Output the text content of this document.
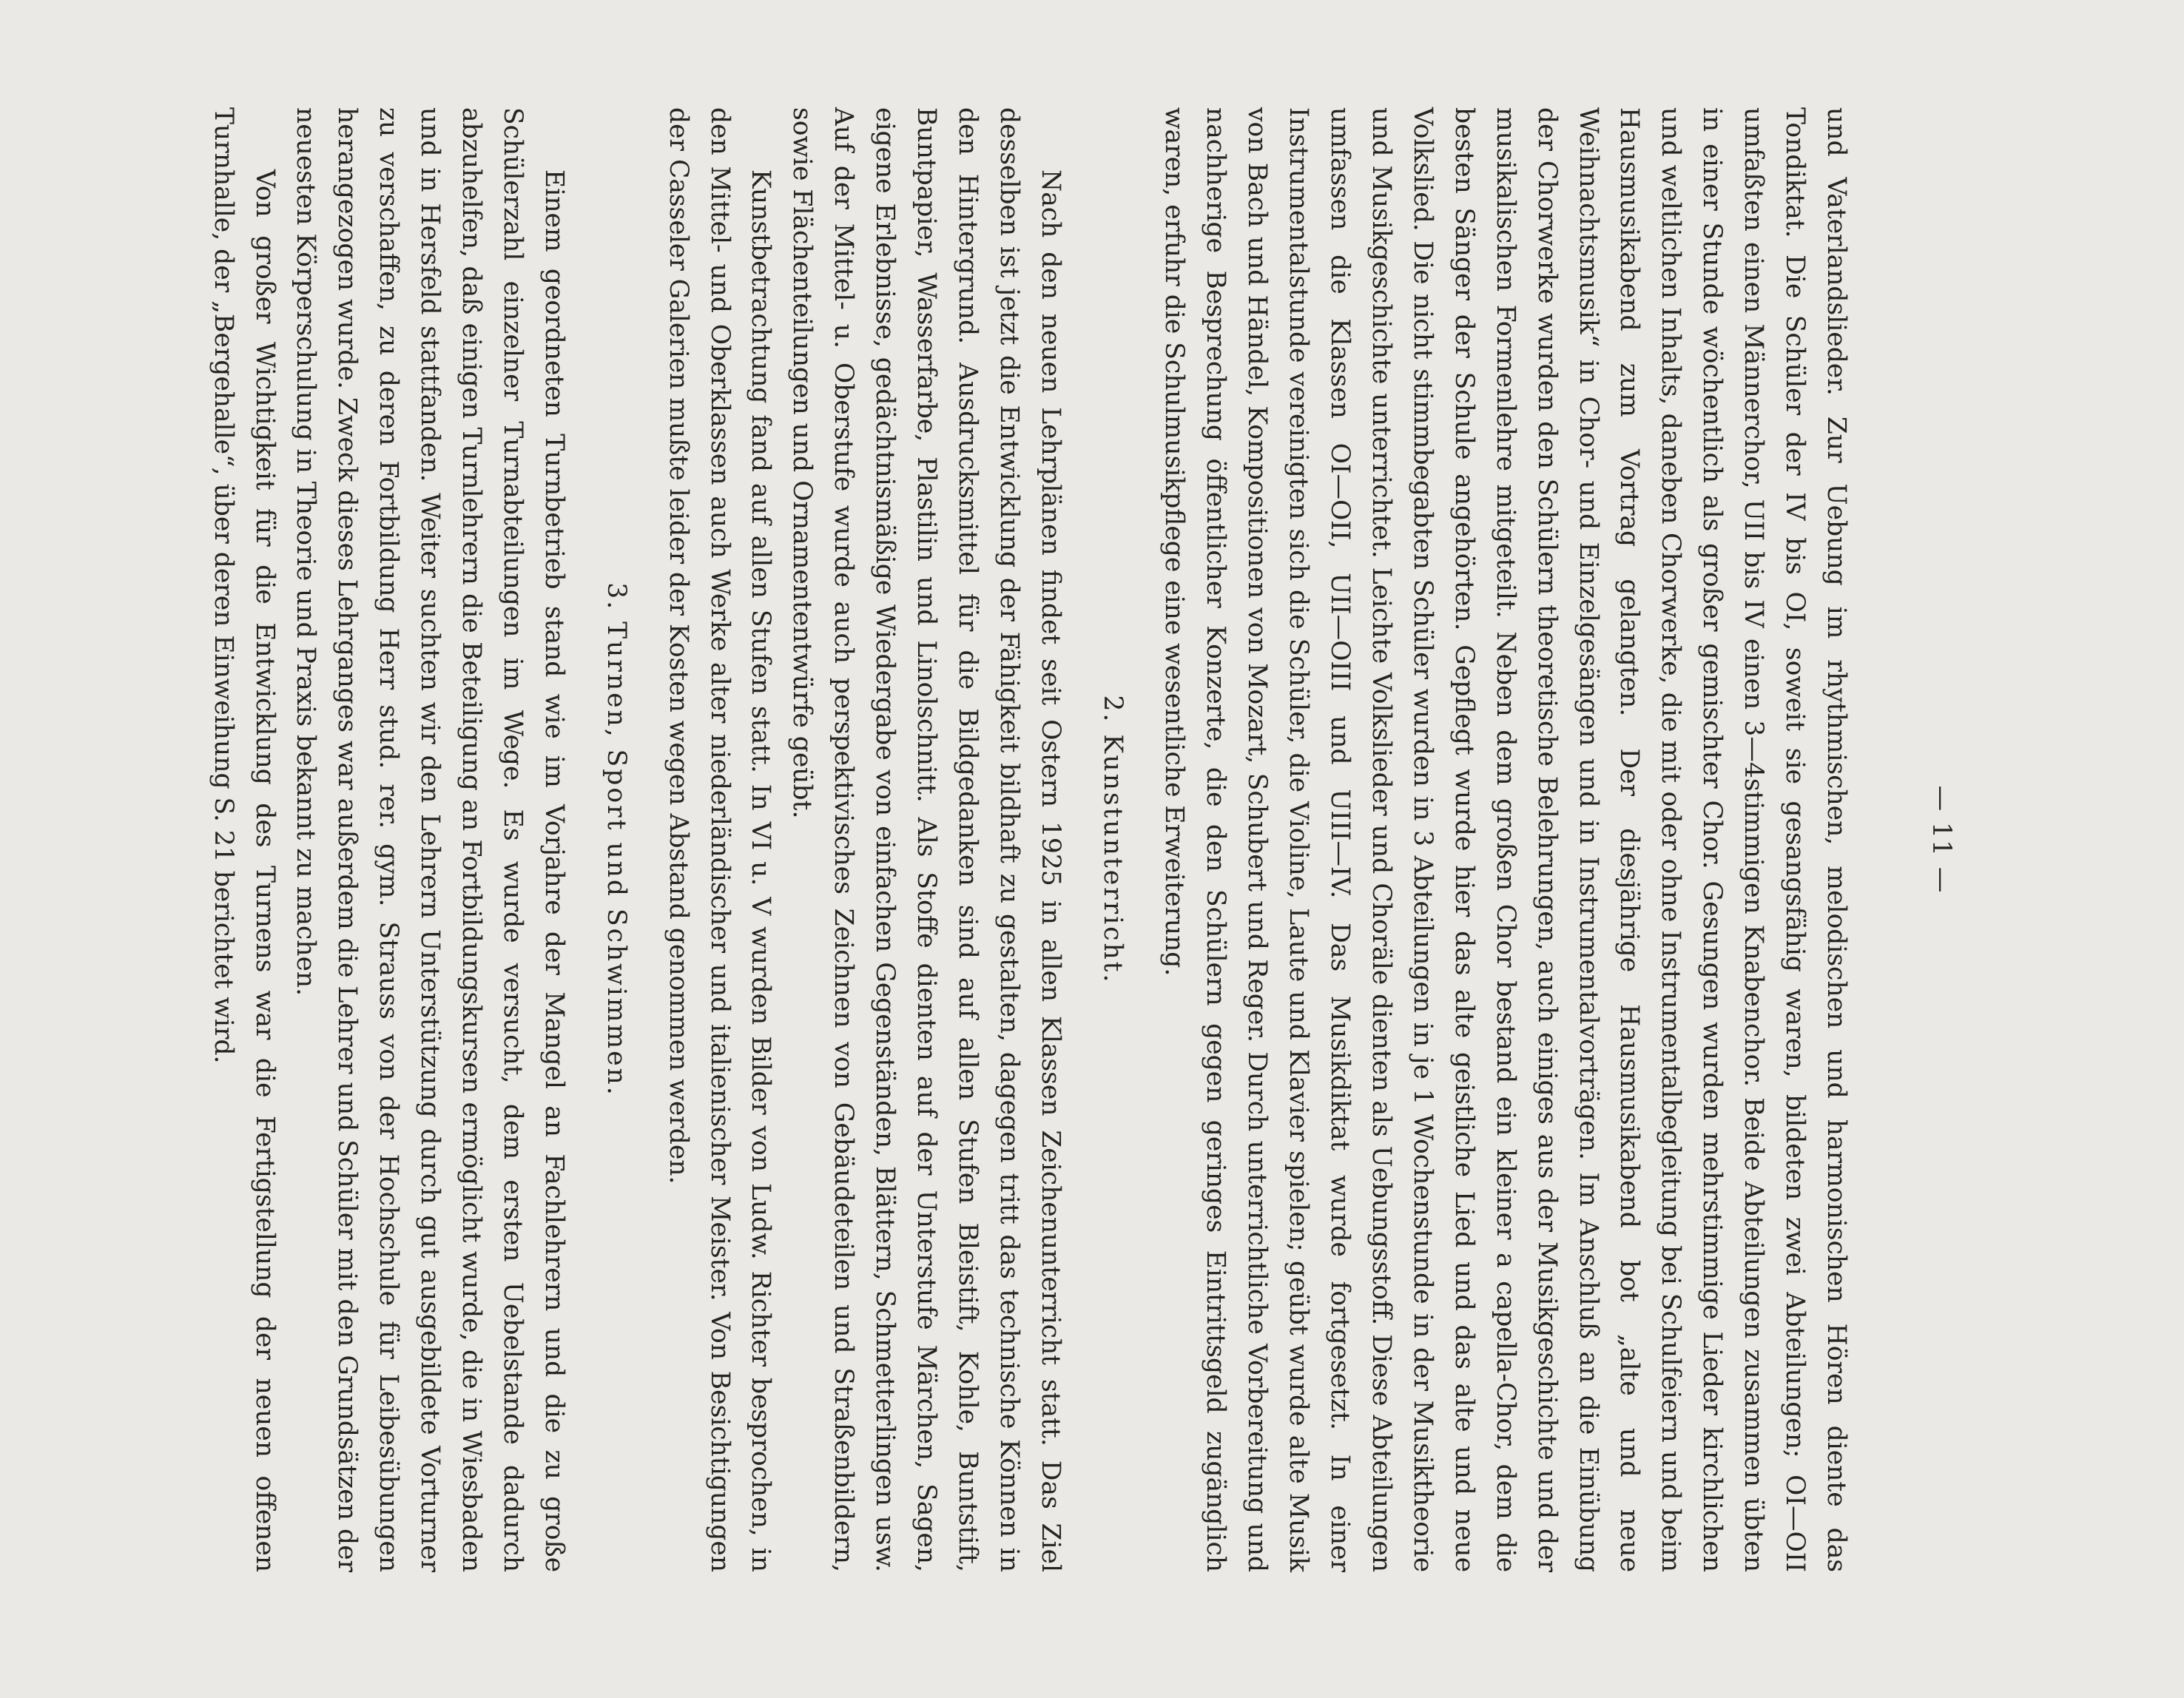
— 11 —

und Vaterlandslieder. Zur Uebung im rhythmischen, melodischen und harmonischen Hören diente das Tondiktat. Die Schüler der IV bis OI, soweit sie gesangsfähig waren, bildeten zwei Abteilungen; OI—OII umfaßten einen Männerchor, UII bis IV einen 3—4stimmigen Knabenchor. Beide Abteilungen zusammen übten in einer Stunde wöchentlich als großer gemischter Chor. Gesungen wurden mehrstimmige Lieder kirchlichen und weltlichen Inhalts, daneben Chorwerke, die mit oder ohne Instrumentalbegleitung bei Schulfeiern und beim Hausmusikabend zum Vortrag gelangten. Der diesjährige Hausmusikabend bot „alte und neue Weihnachtsmusik“ in Chor- und Einzelgesängen und in Instrumentalvorträgen. Im Anschluß an die Einübung der Chorwerke wurden den Schülern theoretische Belehrungen, auch einiges aus der Musikgeschichte und der musikalischen Formenlehre mitgeteilt. Neben dem großen Chor bestand ein kleiner a capella-Chor, dem die besten Sänger der Schule angehörten. Gepflegt wurde hier das alte geistliche Lied und das alte und neue Volkslied. Die nicht stimmbegabten Schüler wurden in 3 Abteilungen in je 1 Wochenstunde in der Musiktheorie und Musikgeschichte unterrichtet. Leichte Volkslieder und Choräle dienten als Uebungsstoff. Diese Abteilungen umfassen die Klassen OI—OII, UII—OIII und UIII—IV. Das Musikdiktat wurde fortgesetzt. In einer Instrumentalstunde vereinigten sich die Schüler, die Violine, Laute und Klavier spielen; geübt wurde alte Musik von Bach und Händel, Kompositionen von Mozart, Schubert und Reger. Durch unterrichtliche Vorbereitung und nachherige Besprechung öffentlicher Konzerte, die den Schülern gegen geringes Eintrittsgeld zugänglich waren, erfuhr die Schulmusikpflege eine wesentliche Erweiterung.

2. Kunstunterricht.

Nach den neuen Lehrplänen findet seit Ostern 1925 in allen Klassen Zeichenunterricht statt. Das Ziel desselben ist jetzt die Entwicklung der Fähigkeit bildhaft zu gestalten, dagegen tritt das technische Können in den Hintergrund. Ausdrucksmittel für die Bildgedanken sind auf allen Stufen Bleistift, Kohle, Buntstift, Buntpapier, Wasserfarbe, Plastilin und Linolschnitt. Als Stoffe dienten auf der Unterstufe Märchen, Sagen, eigene Erlebnisse, gedächtnismäßige Wiedergabe von einfachen Gegenständen, Blättern, Schmetterlingen usw. Auf der Mittel- u. Oberstufe wurde auch perspektivisches Zeichnen von Gebäudeteilen und Straßenbildern, sowie Flächenteilungen und Ornamententwürfe geübt.

Kunstbetrachtung fand auf allen Stufen statt. In VI u. V wurden Bilder von Ludw. Richter besprochen, in den Mittel- und Oberklassen auch Werke alter niederländischer und italienischer Meister. Von Besichtigungen der Casseler Galerien mußte leider der Kosten wegen Abstand genommen werden.

3. Turnen, Sport und Schwimmen.

Einem geordneten Turnbetrieb stand wie im Vorjahre der Mangel an Fachlehrern und die zu große Schülerzahl einzelner Turnabteilungen im Wege. Es wurde versucht, dem ersten Uebelstande dadurch abzuhelfen, daß einigen Turnlehrern die Beteiligung an Fortbildungskursen ermöglicht wurde, die in Wiesbaden und in Hersfeld stattfanden. Weiter suchten wir den Lehrern Unterstützung durch gut ausgebildete Vorturner zu verschaffen, zu deren Fortbildung Herr stud. rer. gym. Strauss von der Hochschule für Leibesübungen herangezogen wurde. Zweck dieses Lehrganges war außerdem die Lehrer und Schüler mit den Grundsätzen der neuesten Körperschulung in Theorie und Praxis bekannt zu machen.

Von großer Wichtigkeit für die Entwicklung des Turnens war die Fertigstellung der neuen offenen Turnhalle, der „Bergehalle“, über deren Einweihung S. 21 berichtet wird.
